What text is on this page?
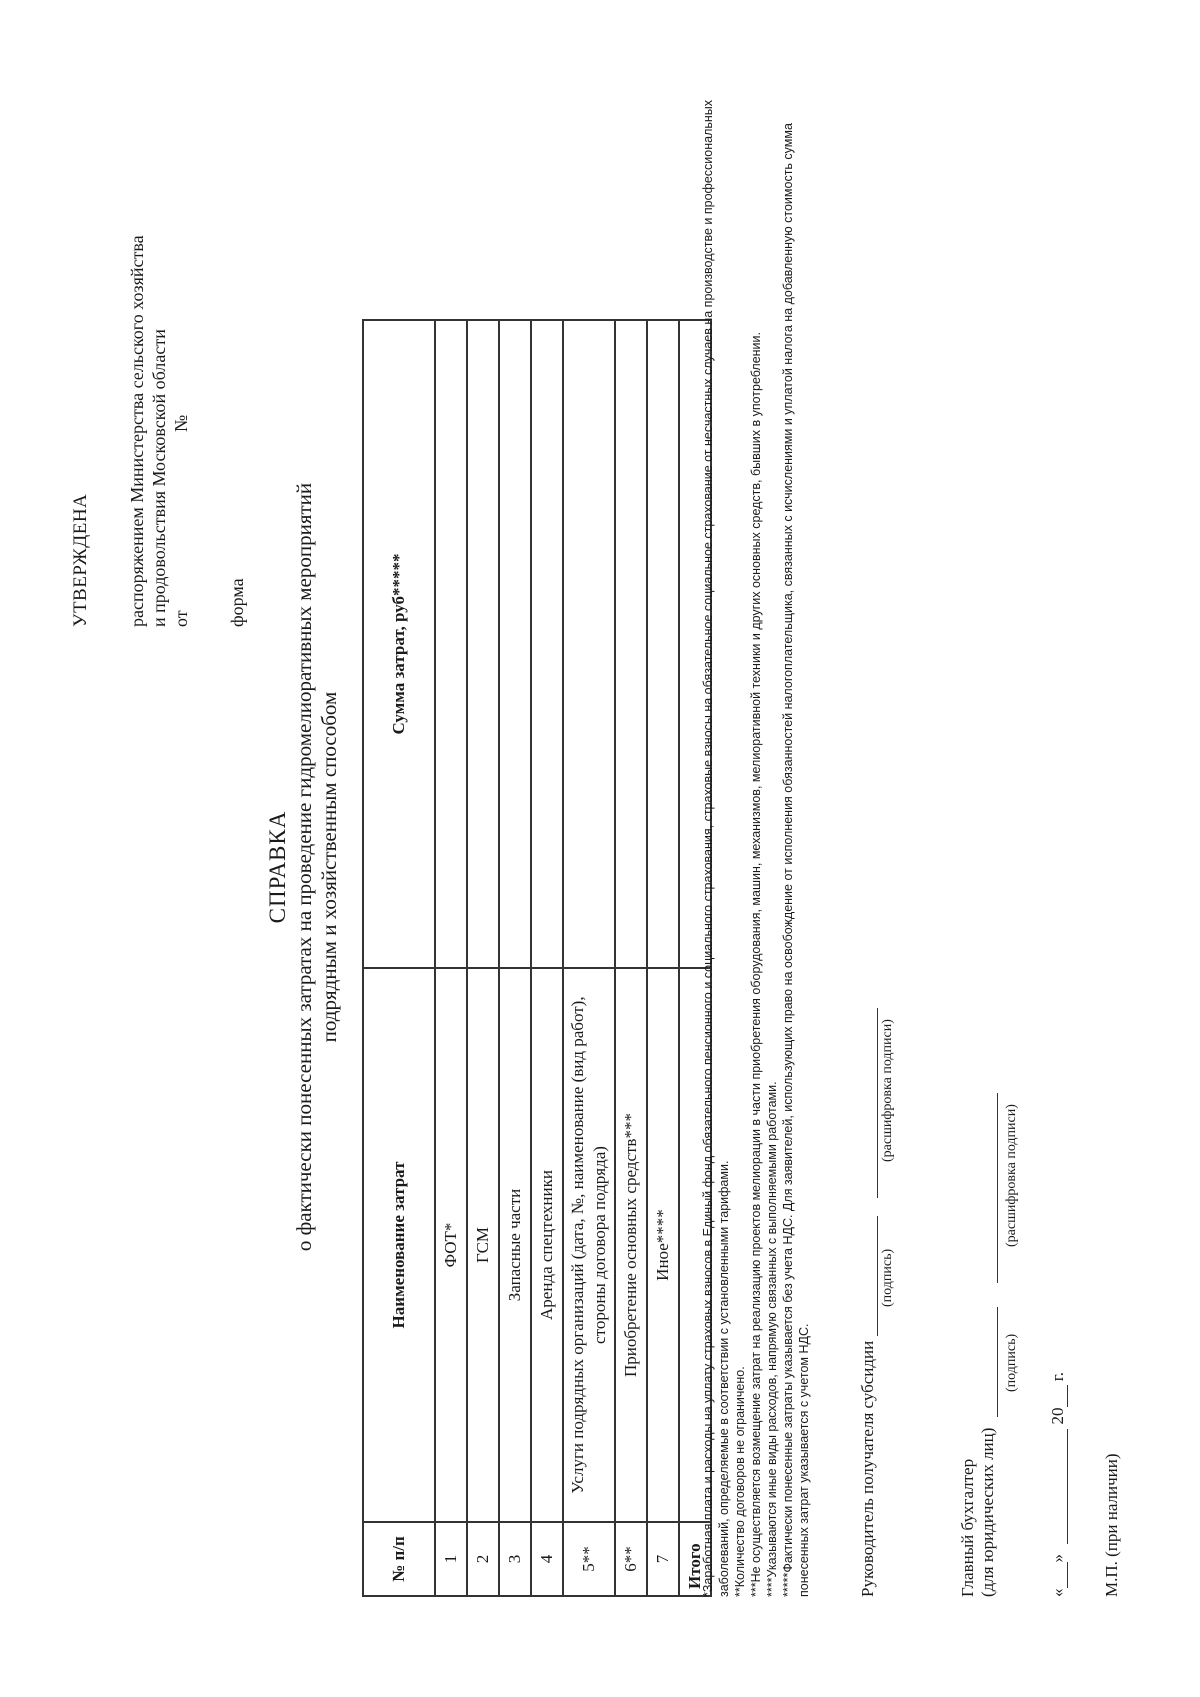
УТВЕРЖДЕНА распоряжением Министерства сельского хозяйства и продовольствия Московской области от№
форма
СПРАВКА о фактически понесенных затратах на проведение гидромелиоративных мероприятий подрядным и хозяйственным способом
№ п/п	Наименование затрат	Сумма затрат, руб*****
1	ФОТ*	
2	ГСМ	
3	Запасные части	
4	Аренда спецтехники	
5**	Услуги подрядных организаций (дата, №, наименование (вид работ), стороны договора подряда)	
6**	Приобретение основных средств***	
7	Иное****	
Итого		

*Заработная плата и расходы на уплату страховых взносов в Единый фонд обязательного пенсионного и социального страхования, страховые взносы на обязательное социальное страхование от несчастных случаев на производстве и профессиональных заболеваний, определяемые в соответствии с установленными тарифами. **Количество договоров не ограничено. ***Не осуществляется возмещение затрат на реализацию проектов мелиорации в части приобретения оборудования, машин, механизмов, мелиоративной техники и других основных средств, бывших в употреблении. ****Указываются иные виды расходов, напрямую связанных с выполняемыми работами. *****Фактически понесенные затраты указывается без учета НДС. Для заявителей, использующих право на освобождение от исполнения обязанностей налогоплательщика, связанных с исчислениями и уплатой налога на добавленную стоимость сумма понесенных затрат указывается с учетом НДС.	Руководитель получателя субсидии
(подпись)
(расшифровка подписи)
Главный бухгалтер (для юридических лиц)
(подпись)
(расшифровка подписи)
«»  20 г.
М.П. (при наличии)
